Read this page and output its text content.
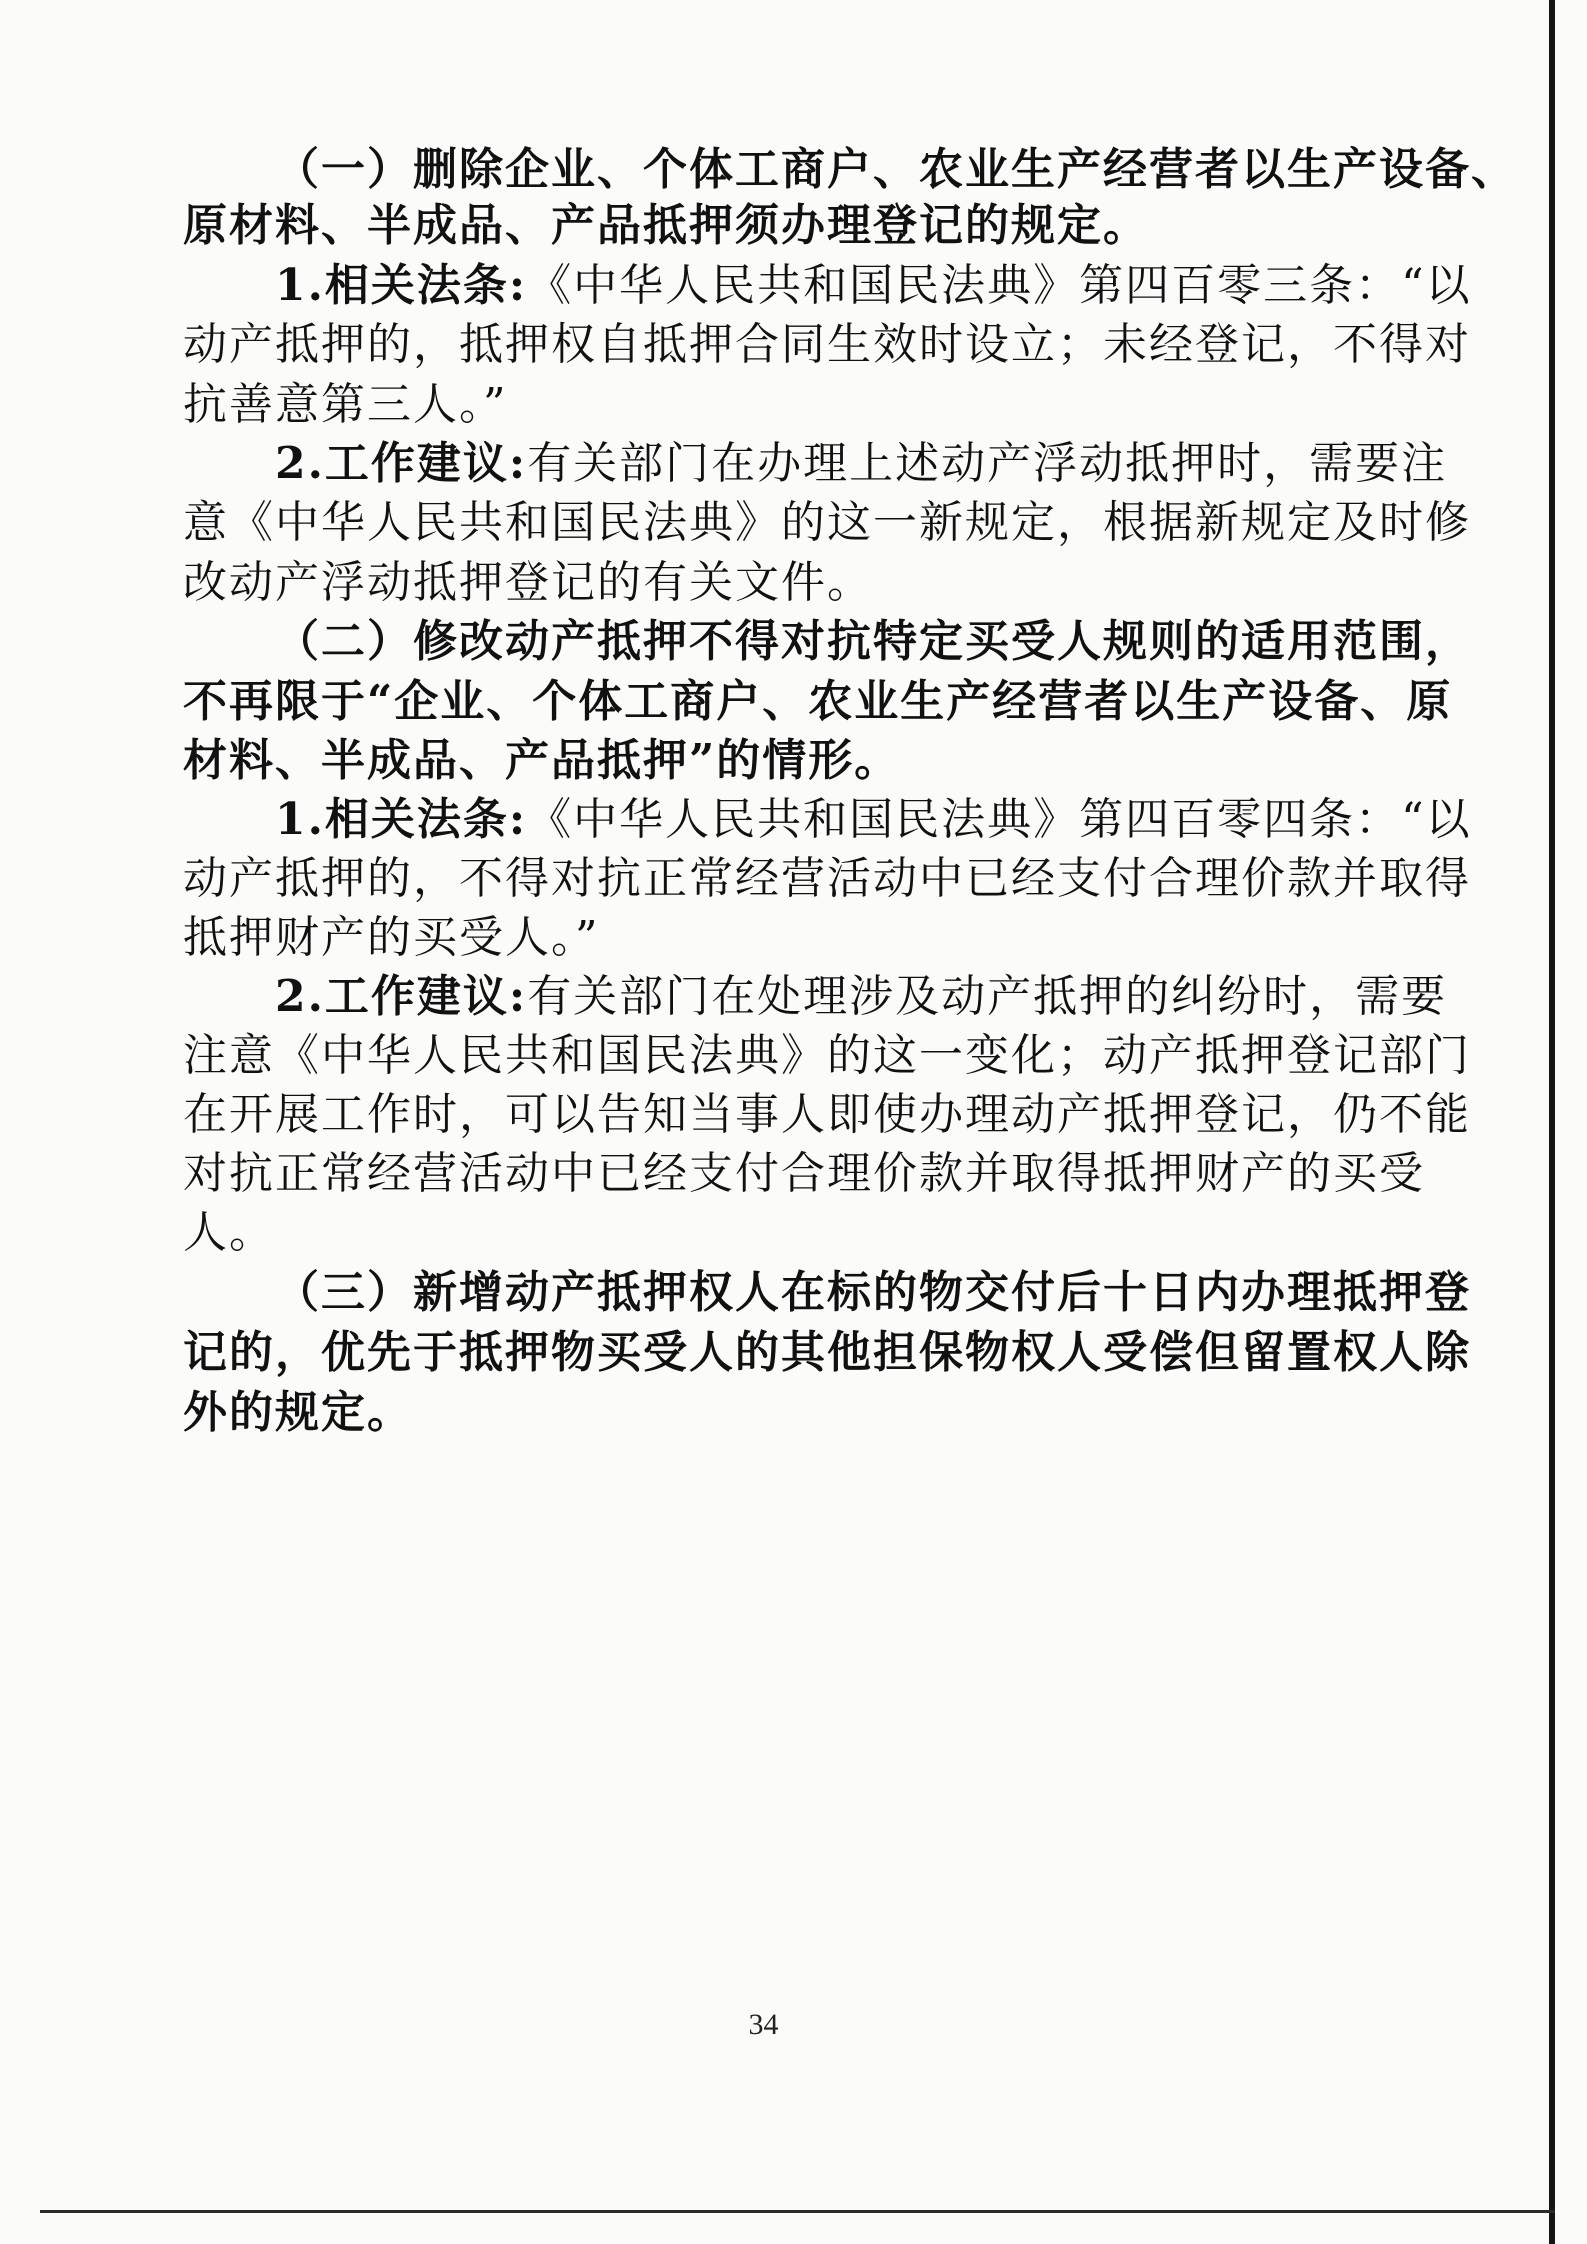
（一）删除企业、个体工商户、农业生产经营者以生产设备、
原材料、半成品、产品抵押须办理登记的规定。
1.相关法条:《中华人民共和国民法典》第四百零三条：“以
动产抵押的，抵押权自抵押合同生效时设立；未经登记，不得对
抗善意第三人。”
2.工作建议:有关部门在办理上述动产浮动抵押时，需要注
意《中华人民共和国民法典》的这一新规定，根据新规定及时修
改动产浮动抵押登记的有关文件。
（二）修改动产抵押不得对抗特定买受人规则的适用范围，
不再限于“企业、个体工商户、农业生产经营者以生产设备、原
材料、半成品、产品抵押”的情形。
1.相关法条:《中华人民共和国民法典》第四百零四条：“以
动产抵押的，不得对抗正常经营活动中已经支付合理价款并取得
抵押财产的买受人。”
2.工作建议:有关部门在处理涉及动产抵押的纠纷时，需要
注意《中华人民共和国民法典》的这一变化；动产抵押登记部门
在开展工作时，可以告知当事人即使办理动产抵押登记，仍不能
对抗正常经营活动中已经支付合理价款并取得抵押财产的买受
人。
（三）新增动产抵押权人在标的物交付后十日内办理抵押登
记的，优先于抵押物买受人的其他担保物权人受偿但留置权人除
外的规定。
34
